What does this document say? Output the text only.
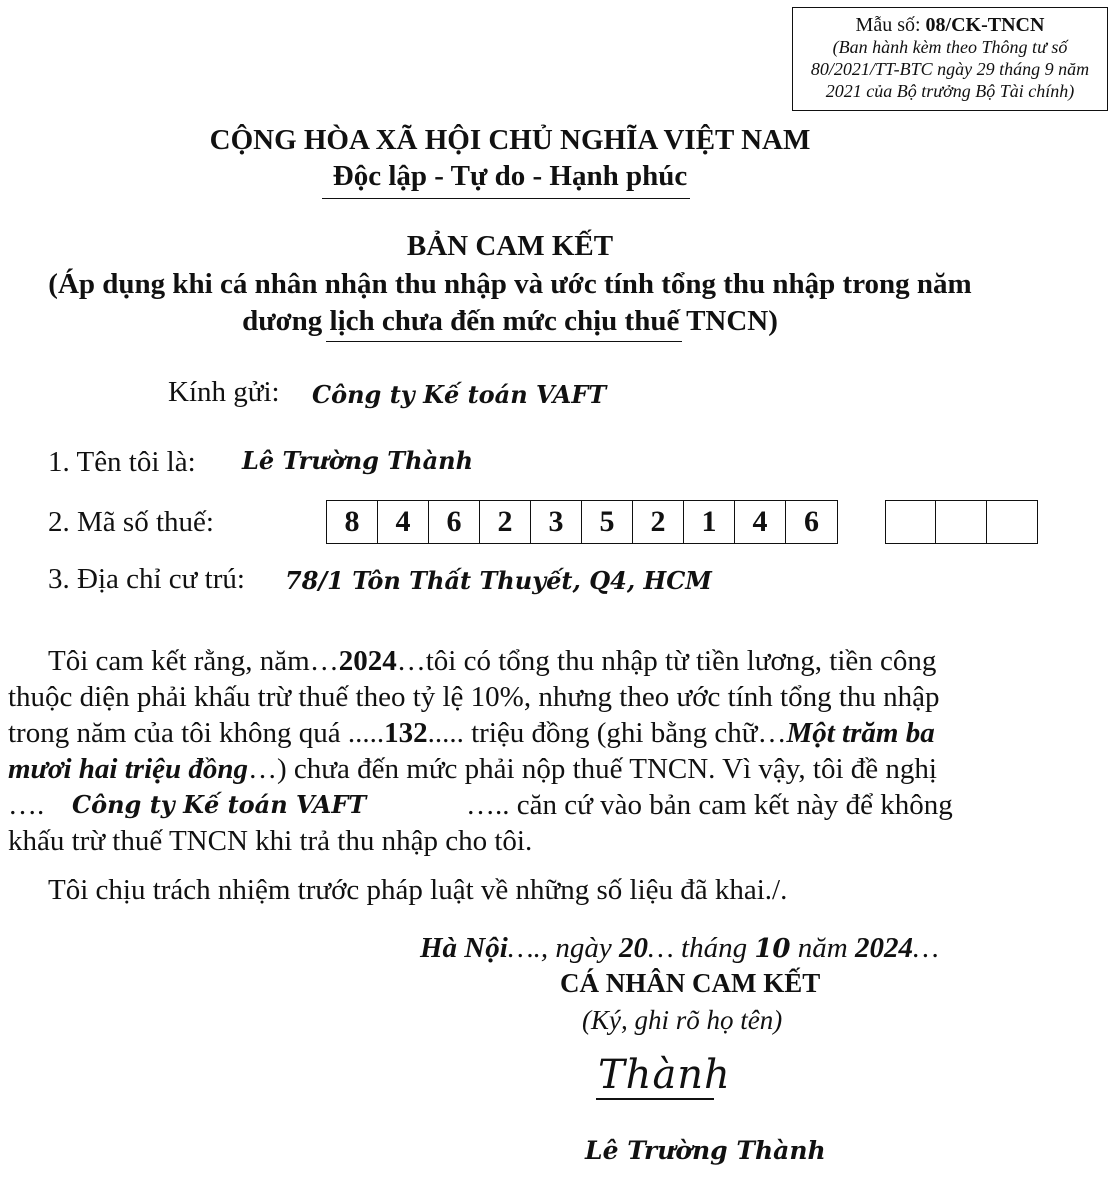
Mẫu số: 08/CK-TNCN
(Ban hành kèm theo Thông tư số
80/2021/TT-BTC ngày 29 tháng 9 năm
2021 của Bộ trưởng Bộ Tài chính)
CỘNG HÒA XÃ HỘI CHỦ NGHĨA VIỆT NAM
Độc lập - Tự do - Hạnh phúc
BẢN CAM KẾT
(Áp dụng khi cá nhân nhận thu nhập và ước tính tổng thu nhập trong năm
dương lịch chưa đến mức chịu thuế TNCN)
Kính gửi: Công ty Kế toán VAFT
1. Tên tôi là: Lê Trường Thành
2. Mã số thuế:	8	4	6	2	3	5	2	1	4	6
3. Địa chỉ cư trú: 78/1 Tôn Thất Thuyết, Q4, HCM
Tôi cam kết rằng, năm…2024…tôi có tổng thu nhập từ tiền lương, tiền công
thuộc diện phải khấu trừ thuế theo tỷ lệ 10%, nhưng theo ước tính tổng thu nhập
trong năm của tôi không quá .....132..... triệu đồng (ghi bằng chữ…Một trăm ba
mươi hai triệu đồng…) chưa đến mức phải nộp thuế TNCN. Vì vậy, tôi đề nghị
…. Công ty Kế toán VAFT	….. căn cứ vào bản cam kết này để không
khấu trừ thuế TNCN khi trả thu nhập cho tôi.
Tôi chịu trách nhiệm trước pháp luật về những số liệu đã khai./.
Hà Nội…., ngày 20… tháng 10 năm 2024…
CÁ NHÂN CAM KẾT
(Ký, ghi rõ họ tên)
Thành
Lê Trường Thành
